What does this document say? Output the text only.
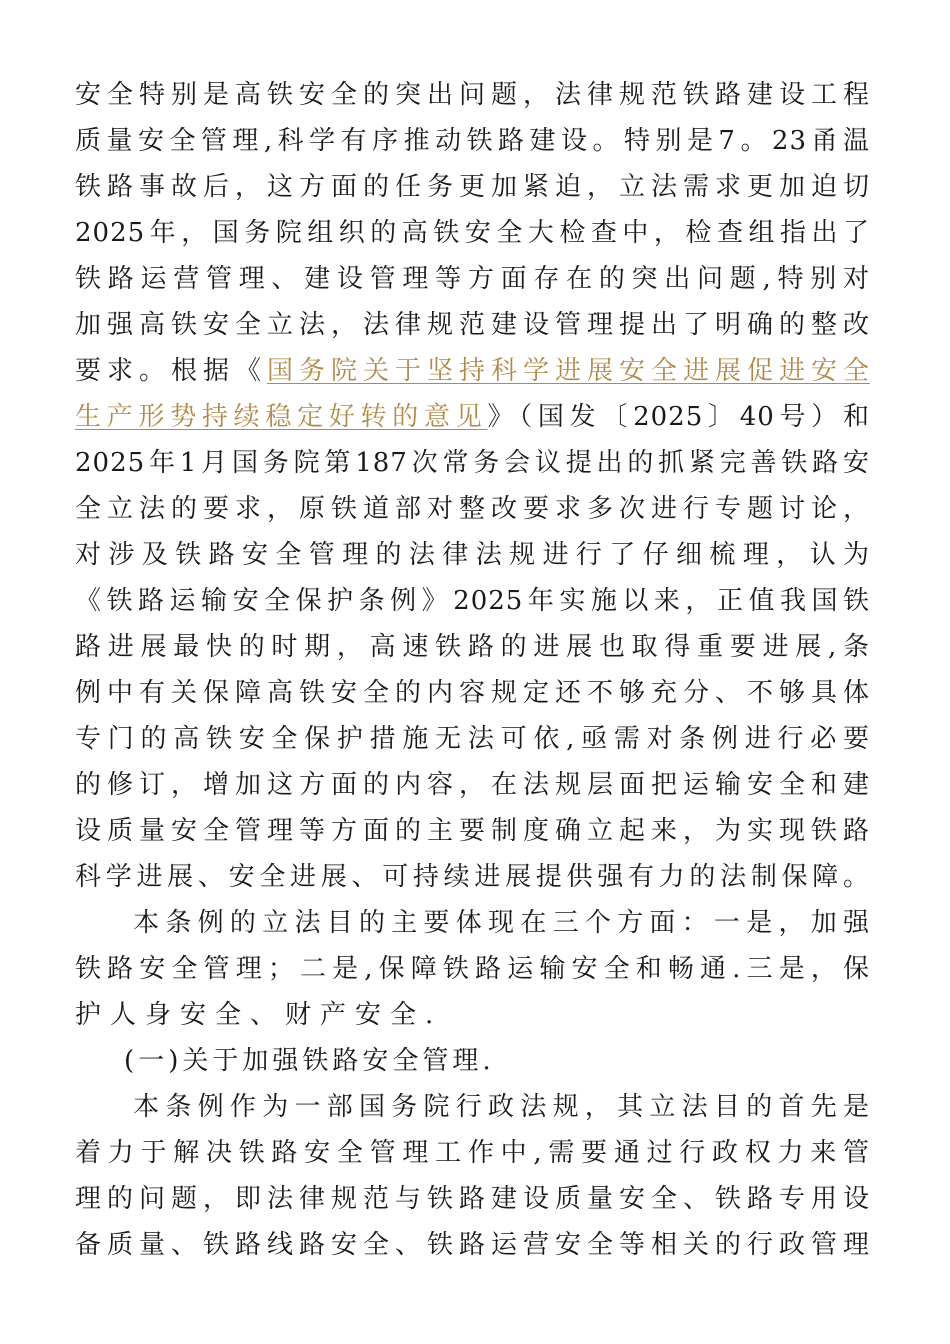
安全特别是高铁安全的突出问题，法律规范铁路建设工程
质量安全管理,科学有序推动铁路建设。特别是7。23甬温
铁路事故后，这方面的任务更加紧迫，立法需求更加迫切
2025年，国务院组织的高铁安全大检查中，检查组指出了
铁路运营管理、建设管理等方面存在的突出问题,特别对
加强高铁安全立法，法律规范建设管理提出了明确的整改
要求。根据《国务院关于坚持科学进展安全进展促进安全
生产形势持续稳定好转的意见》（国发〔2025〕40号）和
2025年1月国务院第187次常务会议提出的抓紧完善铁路安
全立法的要求，原铁道部对整改要求多次进行专题讨论，
对涉及铁路安全管理的法律法规进行了仔细梳理，认为
《铁路运输安全保护条例》2025年实施以来，正值我国铁
路进展最快的时期，高速铁路的进展也取得重要进展,条
例中有关保障高铁安全的内容规定还不够充分、不够具体
专门的高铁安全保护措施无法可依,亟需对条例进行必要
的修订，增加这方面的内容，在法规层面把运输安全和建
设质量安全管理等方面的主要制度确立起来，为实现铁路
科学进展、安全进展、可持续进展提供强有力的法制保障。
本条例的立法目的主要体现在三个方面：一是，加强
铁路安全管理；二是,保障铁路运输安全和畅通.三是，保
护人身安全、财产安全.
(一)关于加强铁路安全管理.
本条例作为一部国务院行政法规，其立法目的首先是
着力于解决铁路安全管理工作中,需要通过行政权力来管
理的问题，即法律规范与铁路建设质量安全、铁路专用设
备质量、铁路线路安全、铁路运营安全等相关的行政管理
